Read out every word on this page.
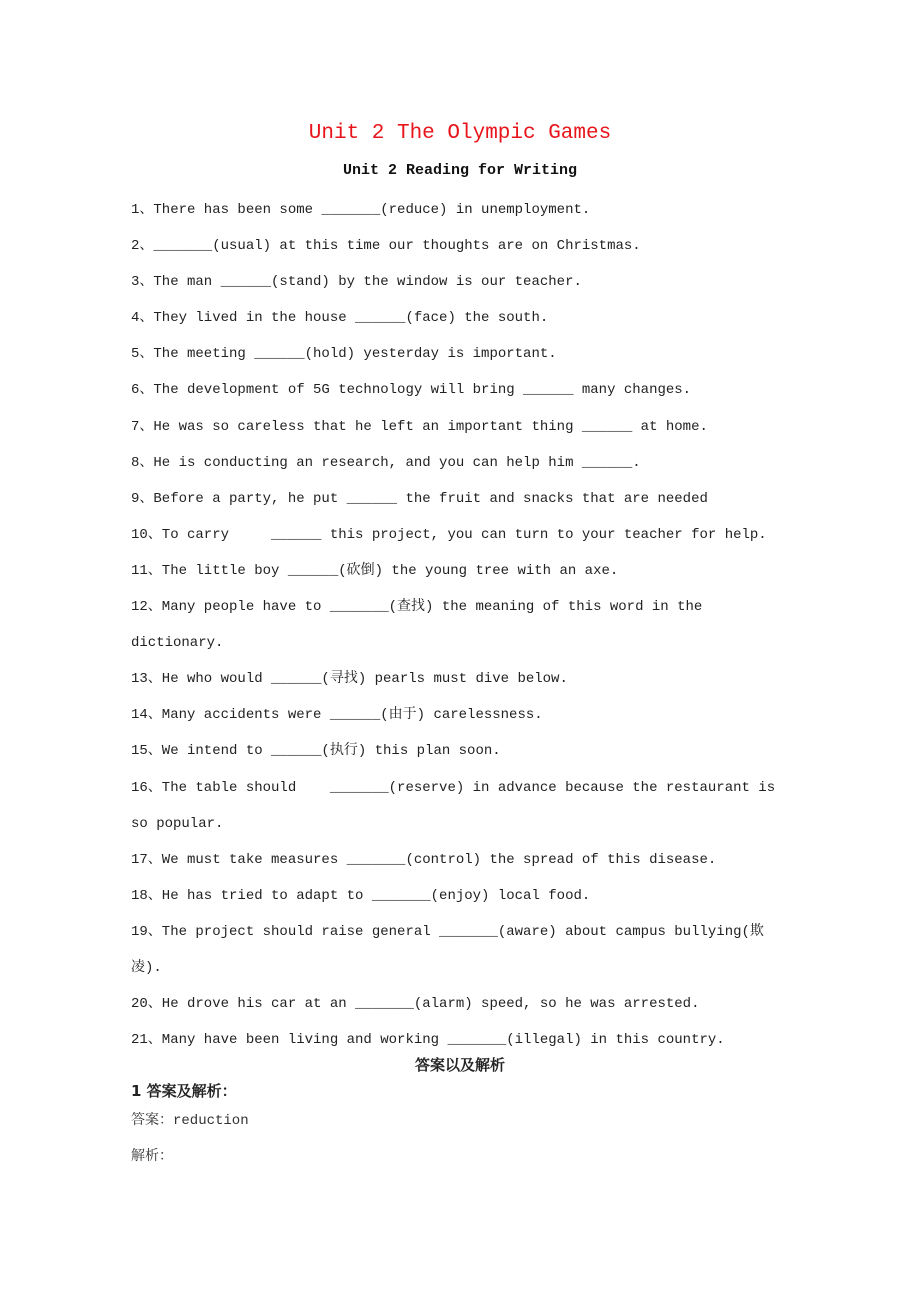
Unit 2 The Olympic Games
Unit 2 Reading for Writing
1、There has been some _______(reduce) in unemployment.
2、_______(usual) at this time our thoughts are on Christmas.
3、The man ______(stand) by the window is our teacher.
4、They lived in the house ______(face) the south.
5、The meeting ______(hold) yesterday is important.
6、The development of 5G technology will bring ______ many changes.
7、He was so careless that he left an important thing ______ at home.
8、He is conducting an research, and you can help him ______.
9、Before a party, he put ______ the fruit and snacks that are needed
10、To carry     ______ this project, you can turn to your teacher for help.
11、The little boy ______(砍倒) the young tree with an axe.
12、Many people have to _______(查找) the meaning of this word in the dictionary.
13、He who would ______(寻找) pearls must dive below.
14、Many accidents were ______(由于) carelessness.
15、We intend to ______(执行) this plan soon.
16、The table should    _______(reserve) in advance because the restaurant is so popular.
17、We must take measures _______(control) the spread of this disease.
18、He has tried to adapt to _______(enjoy) local food.
19、The project should raise general _______(aware) about campus bullying(欺凌).
20、He drove his car at an _______(alarm) speed, so he was arrested.
21、Many have been living and working _______(illegal) in this country.
答案以及解析
1 答案及解析：
答案：reduction
解析：
